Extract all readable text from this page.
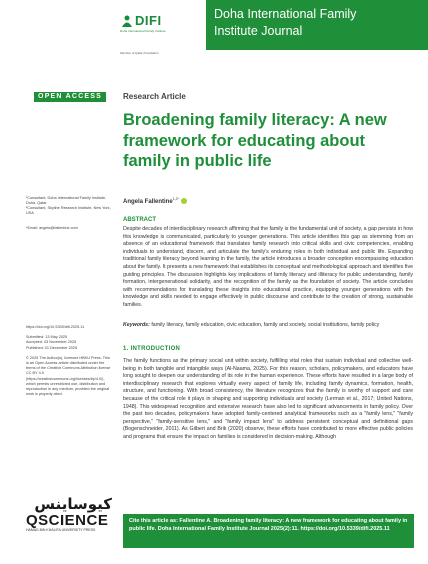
DIFI
Doha International Family Institute
Member of Qatar Foundation
Doha International Family
Institute Journal
OPEN ACCESS
¹Consultant, Doha International Family Institute, Doha, Qatar
²Consultant, Skyline Research Institute, New York, USA
*Email: angela@fallentine.com
https://doi.org/10.5339/difi.2025.11
Submitted: 13 May 2025
Accepted: 03 November 2025
Published: 01 December 2025
© 2025 The Author(s), licensee HBKU Press. This is an Open Access article distributed under the terms of the Creative Commons Attribution license CC BY 4.0 (https://creativecommons.org/licenses/by/4.0/), which permits unrestricted use, distribution and reproduction in any medium, provided the original work is properly cited.
كيوساينس
QSCIENCE
HAMAD BIN KHALIFA UNIVERSITY PRESS
Research Article
Broadening family literacy: A new framework for educating about family in public life
Angela Fallentine$^{1,2*}$
ABSTRACT
Despite decades of interdisciplinary research affirming that the family is the fundamental unit of society, a gap persists in how this knowledge is communicated, particularly to younger generations. This article identifies this gap as stemming from an absence of an educational framework that translates family research into critical skills and civic competencies, enabling individuals to understand, discern, and articulate the family's enduring roles in both individual and public life. Expanding traditional family literacy beyond learning in the family, the article introduces a broader conception encompassing education about the family. It presents a new framework that establishes its conceptual and methodological approach and identifies five guiding principles. The discussion highlights key implications of family literacy and illiteracy for public understanding, family formation, intergenerational solidarity, and the recognition of the family as the foundation of society. The article concludes with recommendations for translating these insights into educational practice, equipping younger generations with the knowledge and skills needed to engage effectively in public discourse and contribute to the creation of strong, sustainable families.
Keywords: family literacy, family education, civic education, family and society, social institutions, family policy
1. INTRODUCTION
The family functions as the primary social unit within society, fulfilling vital roles that sustain individual and collective well-being in both tangible and intangible ways (Al-Naama, 2025). For this reason, scholars, policymakers, and educators have long sought to deepen our understanding of its role in the human experience. These efforts have resulted in a large body of interdisciplinary research that explores virtually every aspect of family life, including family dynamics, formation, health, structure, and functioning. With broad consistency, the literature recognizes that the family is worthy of support and care because of the critical role it plays in shaping and supporting individuals and society (Lerman et al., 2017; United Nations, 1948). This widespread recognition and extensive research have also led to significant advancements in family policy. Over the past two decades, policymakers have adopted family-centered analytical frameworks such as a "family lens," "family perspective," "family-sensitive lens," and "family impact lens" to address persistent conceptual and definitional gaps (Bogenschneider, 2011). As Gilbert and Brik (2020) observe, these efforts have contributed to more effective public policies and programs that ensure the impact on families is considered in decision-making. Although
Cite this article as: Fallentine A. Broadening family literacy: A new framework for educating about family in public life. Doha International Family Institute Journal 2025(2):11. https://doi.org/10.5339/difi.2025.11
